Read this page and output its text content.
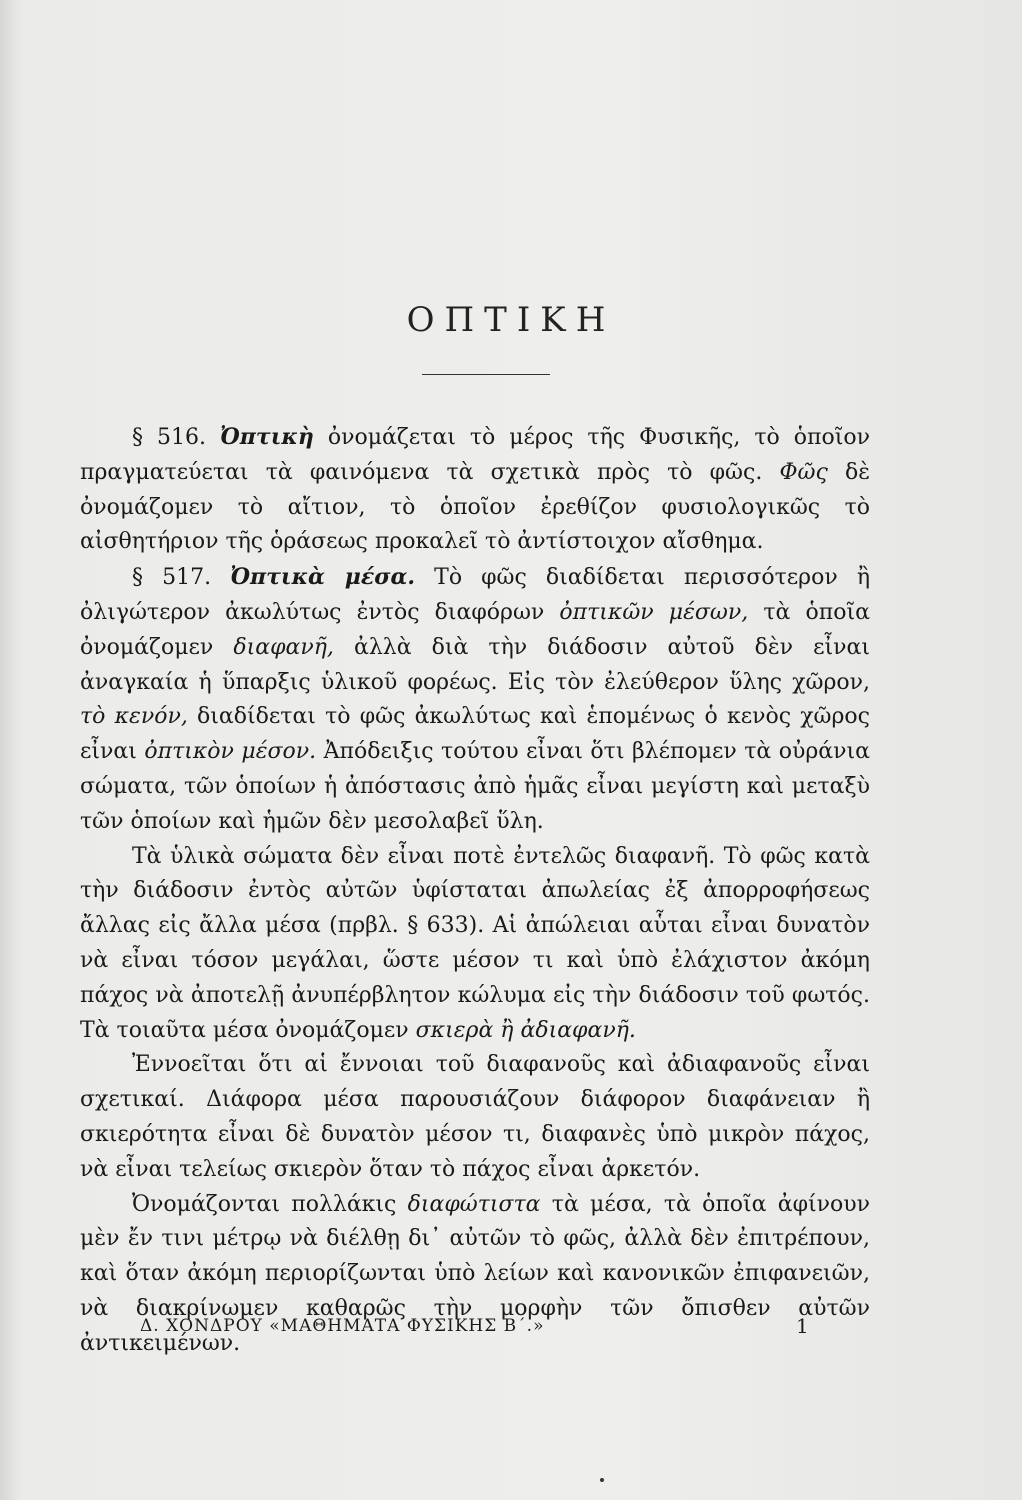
ΟΠΤΙΚΗ

§ 516. Ὀπτικὴ ὀνομάζεται τὸ μέρος τῆς Φυσικῆς, τὸ ὁποῖον πραγματεύεται τὰ φαινόμενα τὰ σχετικὰ πρὸς τὸ φῶς. Φῶς δὲ ὀνομάζομεν τὸ αἴτιον, τὸ ὁποῖον ἐρεθίζον φυσιολογικῶς τὸ αἰσθητήριον τῆς ὁράσεως προκαλεῖ τὸ ἀντίστοιχον αἴσθημα.

§ 517. Ὀπτικὰ μέσα. Τὸ φῶς διαδίδεται περισσότερον ἢ ὀλιγώτερον ἀκωλύτως ἐντὸς διαφόρων ὀπτικῶν μέσων, τὰ ὁποῖα ὀνομάζομεν διαφανῆ, ἀλλὰ διὰ τὴν διάδοσιν αὐτοῦ δὲν εἶναι ἀναγκαία ἡ ὕπαρξις ὑλικοῦ φορέως. Εἰς τὸν ἐλεύθερον ὕλης χῶρον, τὸ κενόν, διαδίδεται τὸ φῶς ἀκωλύτως καὶ ἑπομένως ὁ κενὸς χῶρος εἶναι ὀπτικὸν μέσον. Ἀπόδειξις τούτου εἶναι ὅτι βλέπομεν τὰ οὐράνια σώματα, τῶν ὁποίων ἡ ἀπόστασις ἀπὸ ἡμᾶς εἶναι μεγίστη καὶ μεταξὺ τῶν ὁποίων καὶ ἡμῶν δὲν μεσολαβεῖ ὕλη.

Τὰ ὑλικὰ σώματα δὲν εἶναι ποτὲ ἐντελῶς διαφανῆ. Τὸ φῶς κατὰ τὴν διάδοσιν ἐντὸς αὐτῶν ὑφίσταται ἀπωλείας ἐξ ἀπορροφήσεως ἄλλας εἰς ἄλλα μέσα (πρβλ. § 633). Αἱ ἀπώλειαι αὗται εἶναι δυνατὸν νὰ εἶναι τόσον μεγάλαι, ὥστε μέσον τι καὶ ὑπὸ ἐλάχιστον ἀκόμη πάχος νὰ ἀποτελῇ ἀνυπέρβλητον κώλυμα εἰς τὴν διάδοσιν τοῦ φωτός. Τὰ τοιαῦτα μέσα ὀνομάζομεν σκιερὰ ἢ ἀδιαφανῆ.

Ἐννοεῖται ὅτι αἱ ἔννοιαι τοῦ διαφανοῦς καὶ ἀδιαφανοῦς εἶναι σχετικαί. Διάφορα μέσα παρουσιάζουν διάφορον διαφάνειαν ἢ σκιερότητα εἶναι δὲ δυνατὸν μέσον τι, διαφανὲς ὑπὸ μικρὸν πάχος, νὰ εἶναι τελείως σκιερὸν ὅταν τὸ πάχος εἶναι ἀρκετόν.

Ὀνομάζονται πολλάκις διαφώτιστα τὰ μέσα, τὰ ὁποῖα ἀφίνουν μὲν ἔν τινι μέτρῳ νὰ διέλθῃ δι᾽ αὐτῶν τὸ φῶς, ἀλλὰ δὲν ἐπιτρέπουν, καὶ ὅταν ἀκόμη περιορίζωνται ὑπὸ λείων καὶ κανονικῶν ἐπιφανειῶν, νὰ διακρίνωμεν καθαρῶς τὴν μορφὴν τῶν ὄπισθεν αὐτῶν ἀντικειμένων.

Δ. ΧΟΝΔΡΟΥ «ΜΑΘΗΜΑΤΑ ΦΥΣΙΚΗΣ Β΄.»	1
